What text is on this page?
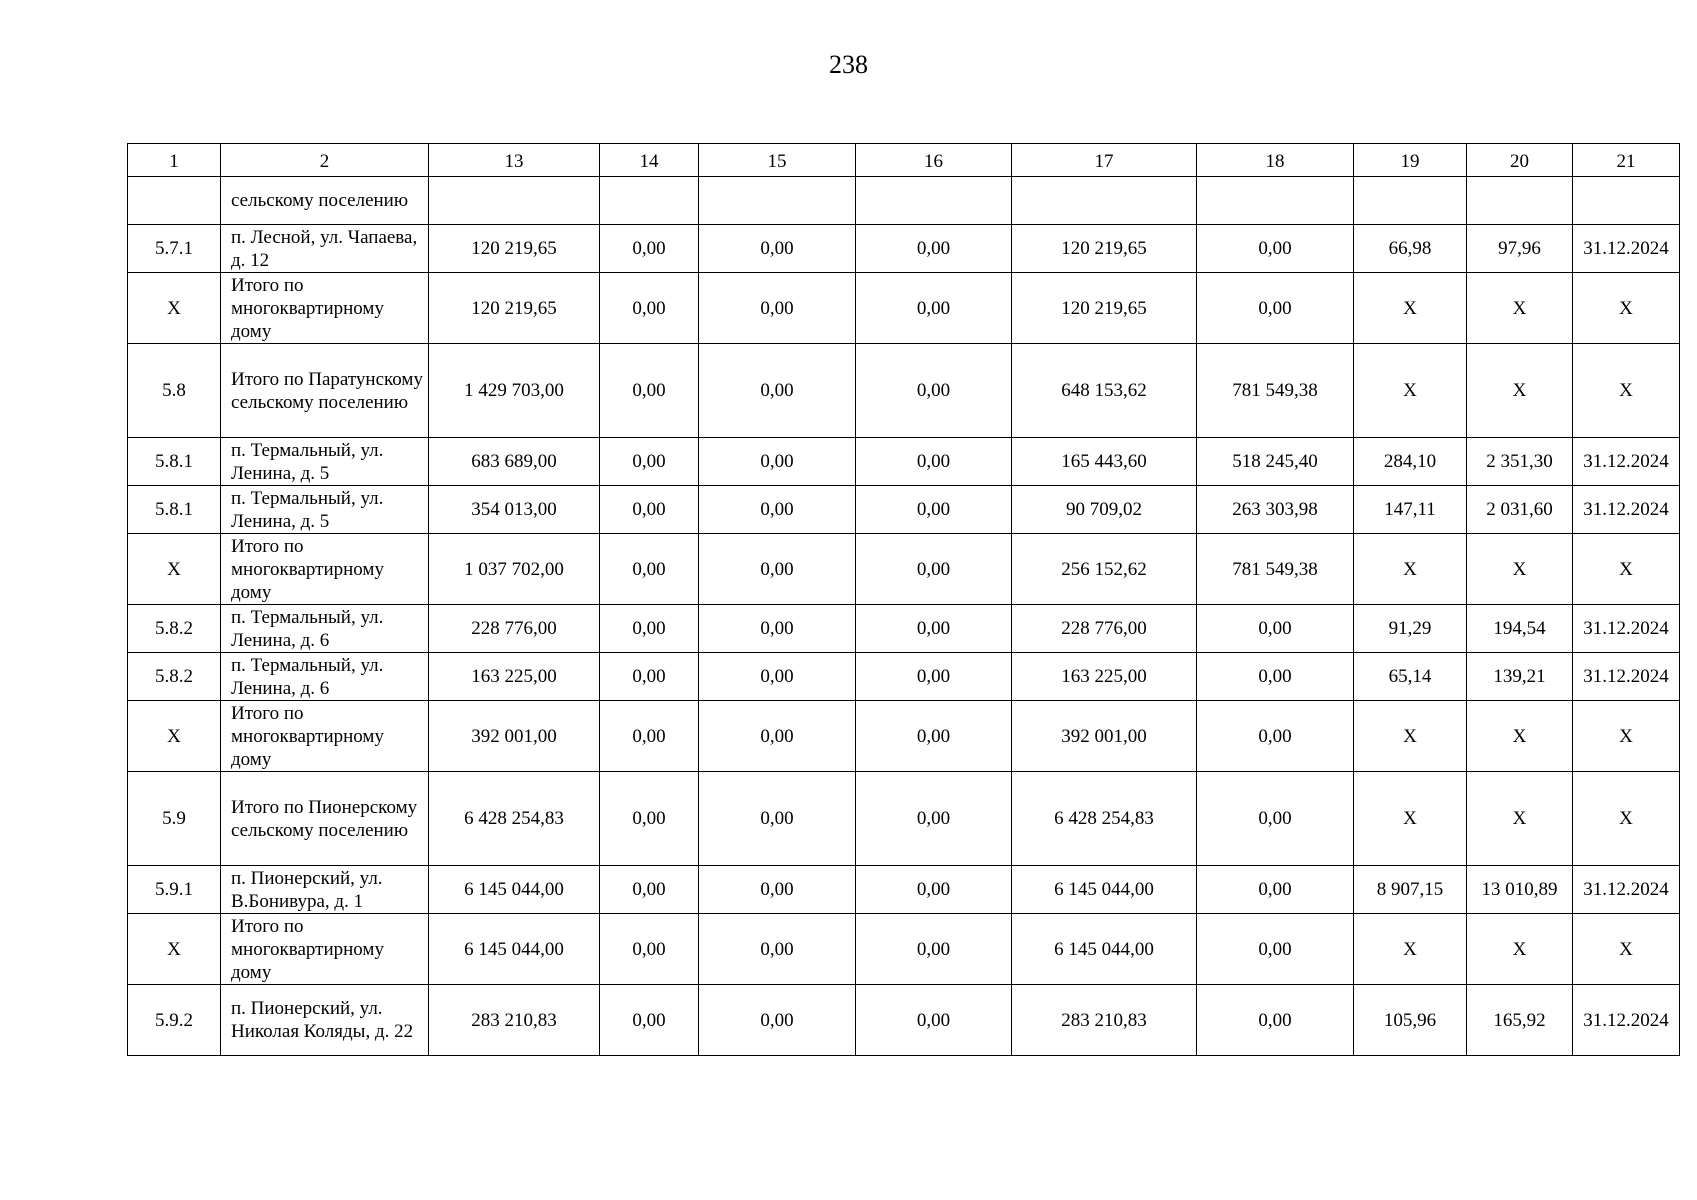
238
1	2	13	14	15	16	17	18	19	20	21
	сельскому поселению									
5.7.1	п. Лесной, ул. Чапаева, д. 12	120 219,65	0,00	0,00	0,00	120 219,65	0,00	66,98	97,96	31.12.2024
X	Итого по многоквартирному дому	120 219,65	0,00	0,00	0,00	120 219,65	0,00	X	X	X
5.8	Итого по Паратунскому сельскому поселению	1 429 703,00	0,00	0,00	0,00	648 153,62	781 549,38	X	X	X
5.8.1	п. Термальный, ул. Ленина, д. 5	683 689,00	0,00	0,00	0,00	165 443,60	518 245,40	284,10	2 351,30	31.12.2024
5.8.1	п. Термальный, ул. Ленина, д. 5	354 013,00	0,00	0,00	0,00	90 709,02	263 303,98	147,11	2 031,60	31.12.2024
X	Итого по многоквартирному дому	1 037 702,00	0,00	0,00	0,00	256 152,62	781 549,38	X	X	X
5.8.2	п. Термальный, ул. Ленина, д. 6	228 776,00	0,00	0,00	0,00	228 776,00	0,00	91,29	194,54	31.12.2024
5.8.2	п. Термальный, ул. Ленина, д. 6	163 225,00	0,00	0,00	0,00	163 225,00	0,00	65,14	139,21	31.12.2024
X	Итого по многоквартирному дому	392 001,00	0,00	0,00	0,00	392 001,00	0,00	X	X	X
5.9	Итого по Пионерскому сельскому поселению	6 428 254,83	0,00	0,00	0,00	6 428 254,83	0,00	X	X	X
5.9.1	п. Пионерский, ул. В.Бонивура, д. 1	6 145 044,00	0,00	0,00	0,00	6 145 044,00	0,00	8 907,15	13 010,89	31.12.2024
X	Итого по многоквартирному дому	6 145 044,00	0,00	0,00	0,00	6 145 044,00	0,00	X	X	X
5.9.2	п. Пионерский, ул. Николая Коляды, д. 22	283 210,83	0,00	0,00	0,00	283 210,83	0,00	105,96	165,92	31.12.2024
